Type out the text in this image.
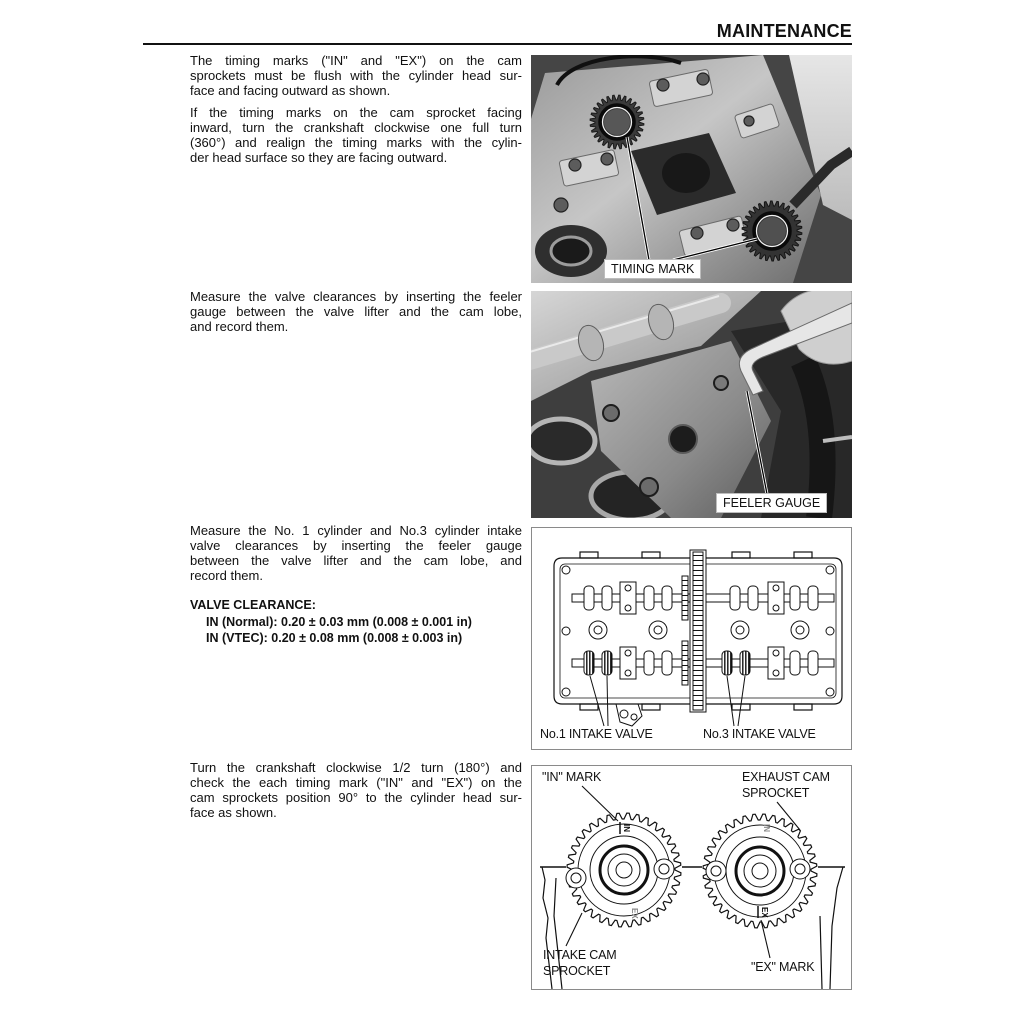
MAINTENANCE
The timing marks ("IN" and "EX") on the cam
sprockets must be flush with the cylinder head sur-
face and facing outward as shown.
If the timing marks on the cam sprocket facing
inward, turn the crankshaft clockwise one full turn
(360°) and realign the timing marks with the cylin-
der head surface so they are facing outward.
TIMING MARK
Measure the valve clearances by inserting the feeler
gauge between the valve lifter and the cam lobe,
and record them.
FEELER GAUGE
Measure the No. 1 cylinder and No.3 cylinder intake
valve clearances by inserting the feeler gauge
between the valve lifter and the cam lobe, and
record them.
VALVE CLEARANCE:
IN (Normal): 0.20 ± 0.03 mm (0.008 ± 0.001 in)
IN (VTEC): 0.20 ± 0.08 mm (0.008 ± 0.003 in)
No.1 INTAKE VALVE	No.3 INTAKE VALVE
Turn the crankshaft clockwise 1/2 turn (180°) and
check the each timing mark ("IN" and "EX") on the
cam sprockets position 90° to the cylinder head sur-
face as shown.
IN
EX
IN
EX
"IN" MARK	EXHAUST CAM
SPROCKET
INTAKE CAM
SPROCKET	"EX" MARK
